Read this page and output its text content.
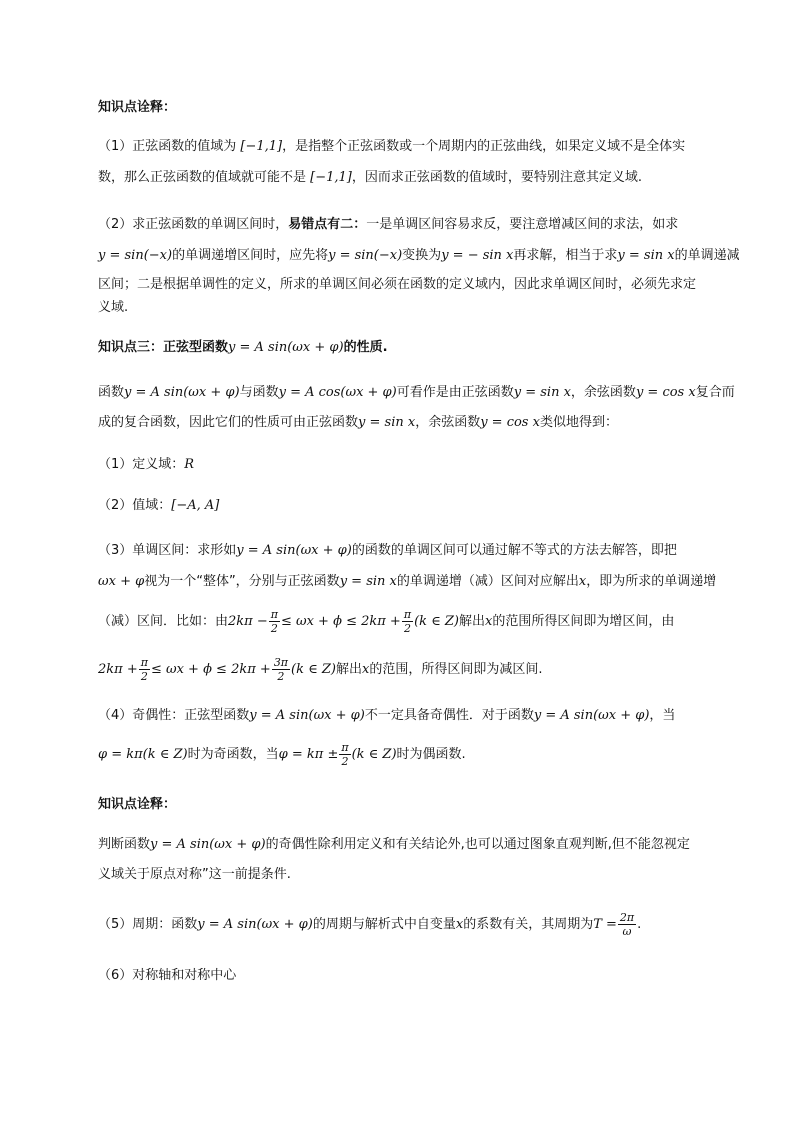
知识点诠释：
（1）正弦函数的值域为 [−1,1]，是指整个正弦函数或一个周期内的正弦曲线，如果定义域不是全体实
数，那么正弦函数的值域就可能不是 [−1,1]，因而求正弦函数的值域时，要特别注意其定义域.
（2）求正弦函数的单调区间时，易错点有二：一是单调区间容易求反，要注意增减区间的求法，如求
y = sin(−x)的单调递增区间时，应先将y = sin(−x)变换为y = − sin x再求解，相当于求y = sin x的单调递减
区间；二是根据单调性的定义，所求的单调区间必须在函数的定义域内，因此求单调区间时，必须先求定
义域.
知识点三：正弦型函数y = A sin(ωx + φ)的性质.
函数y = A sin(ωx + φ)与函数y = A cos(ωx + φ)可看作是由正弦函数y = sin x，余弦函数y = cos x复合而
成的复合函数，因此它们的性质可由正弦函数y = sin x，余弦函数y = cos x类似地得到：
（1）定义域：R
（2）值域：[−A, A]
（3）单调区间：求形如y = A sin(ωx + φ)的函数的单调区间可以通过解不等式的方法去解答，即把
ωx + φ视为一个“整体”，分别与正弦函数y = sin x的单调递增（减）区间对应解出x，即为所求的单调递增
（减）区间．比如：由$2k\pi - \frac{\pi}{2} \le \omega x + \phi \le 2k\pi + \frac{\pi}{2} (k$ ∈ Z)解出x的范围所得区间即为增区间，由
$2k\pi + \frac{\pi}{2} \le \omega x + \phi \le 2k\pi + \frac{3\pi}{2} (k$ ∈ Z)解出x的范围，所得区间即为减区间.
（4）奇偶性：正弦型函数y = A sin(ωx + φ)不一定具备奇偶性．对于函数y = A sin(ωx + φ)，当
φ = kπ(k ∈ Z)时为奇函数，当$\varphi = k\pi \pm \frac{\pi}{2} (k$ ∈ Z)时为偶函数.
知识点诠释：
判断函数y = A sin(ωx + φ)的奇偶性除利用定义和有关结论外,也可以通过图象直观判断,但不能忽视定
义域关于原点对称”这一前提条件.
（5）周期：函数y = A sin(ωx + φ)的周期与解析式中自变量x的系数有关，其周期为$T = \frac{2\pi}{\omega}$ .
（6）对称轴和对称中心
